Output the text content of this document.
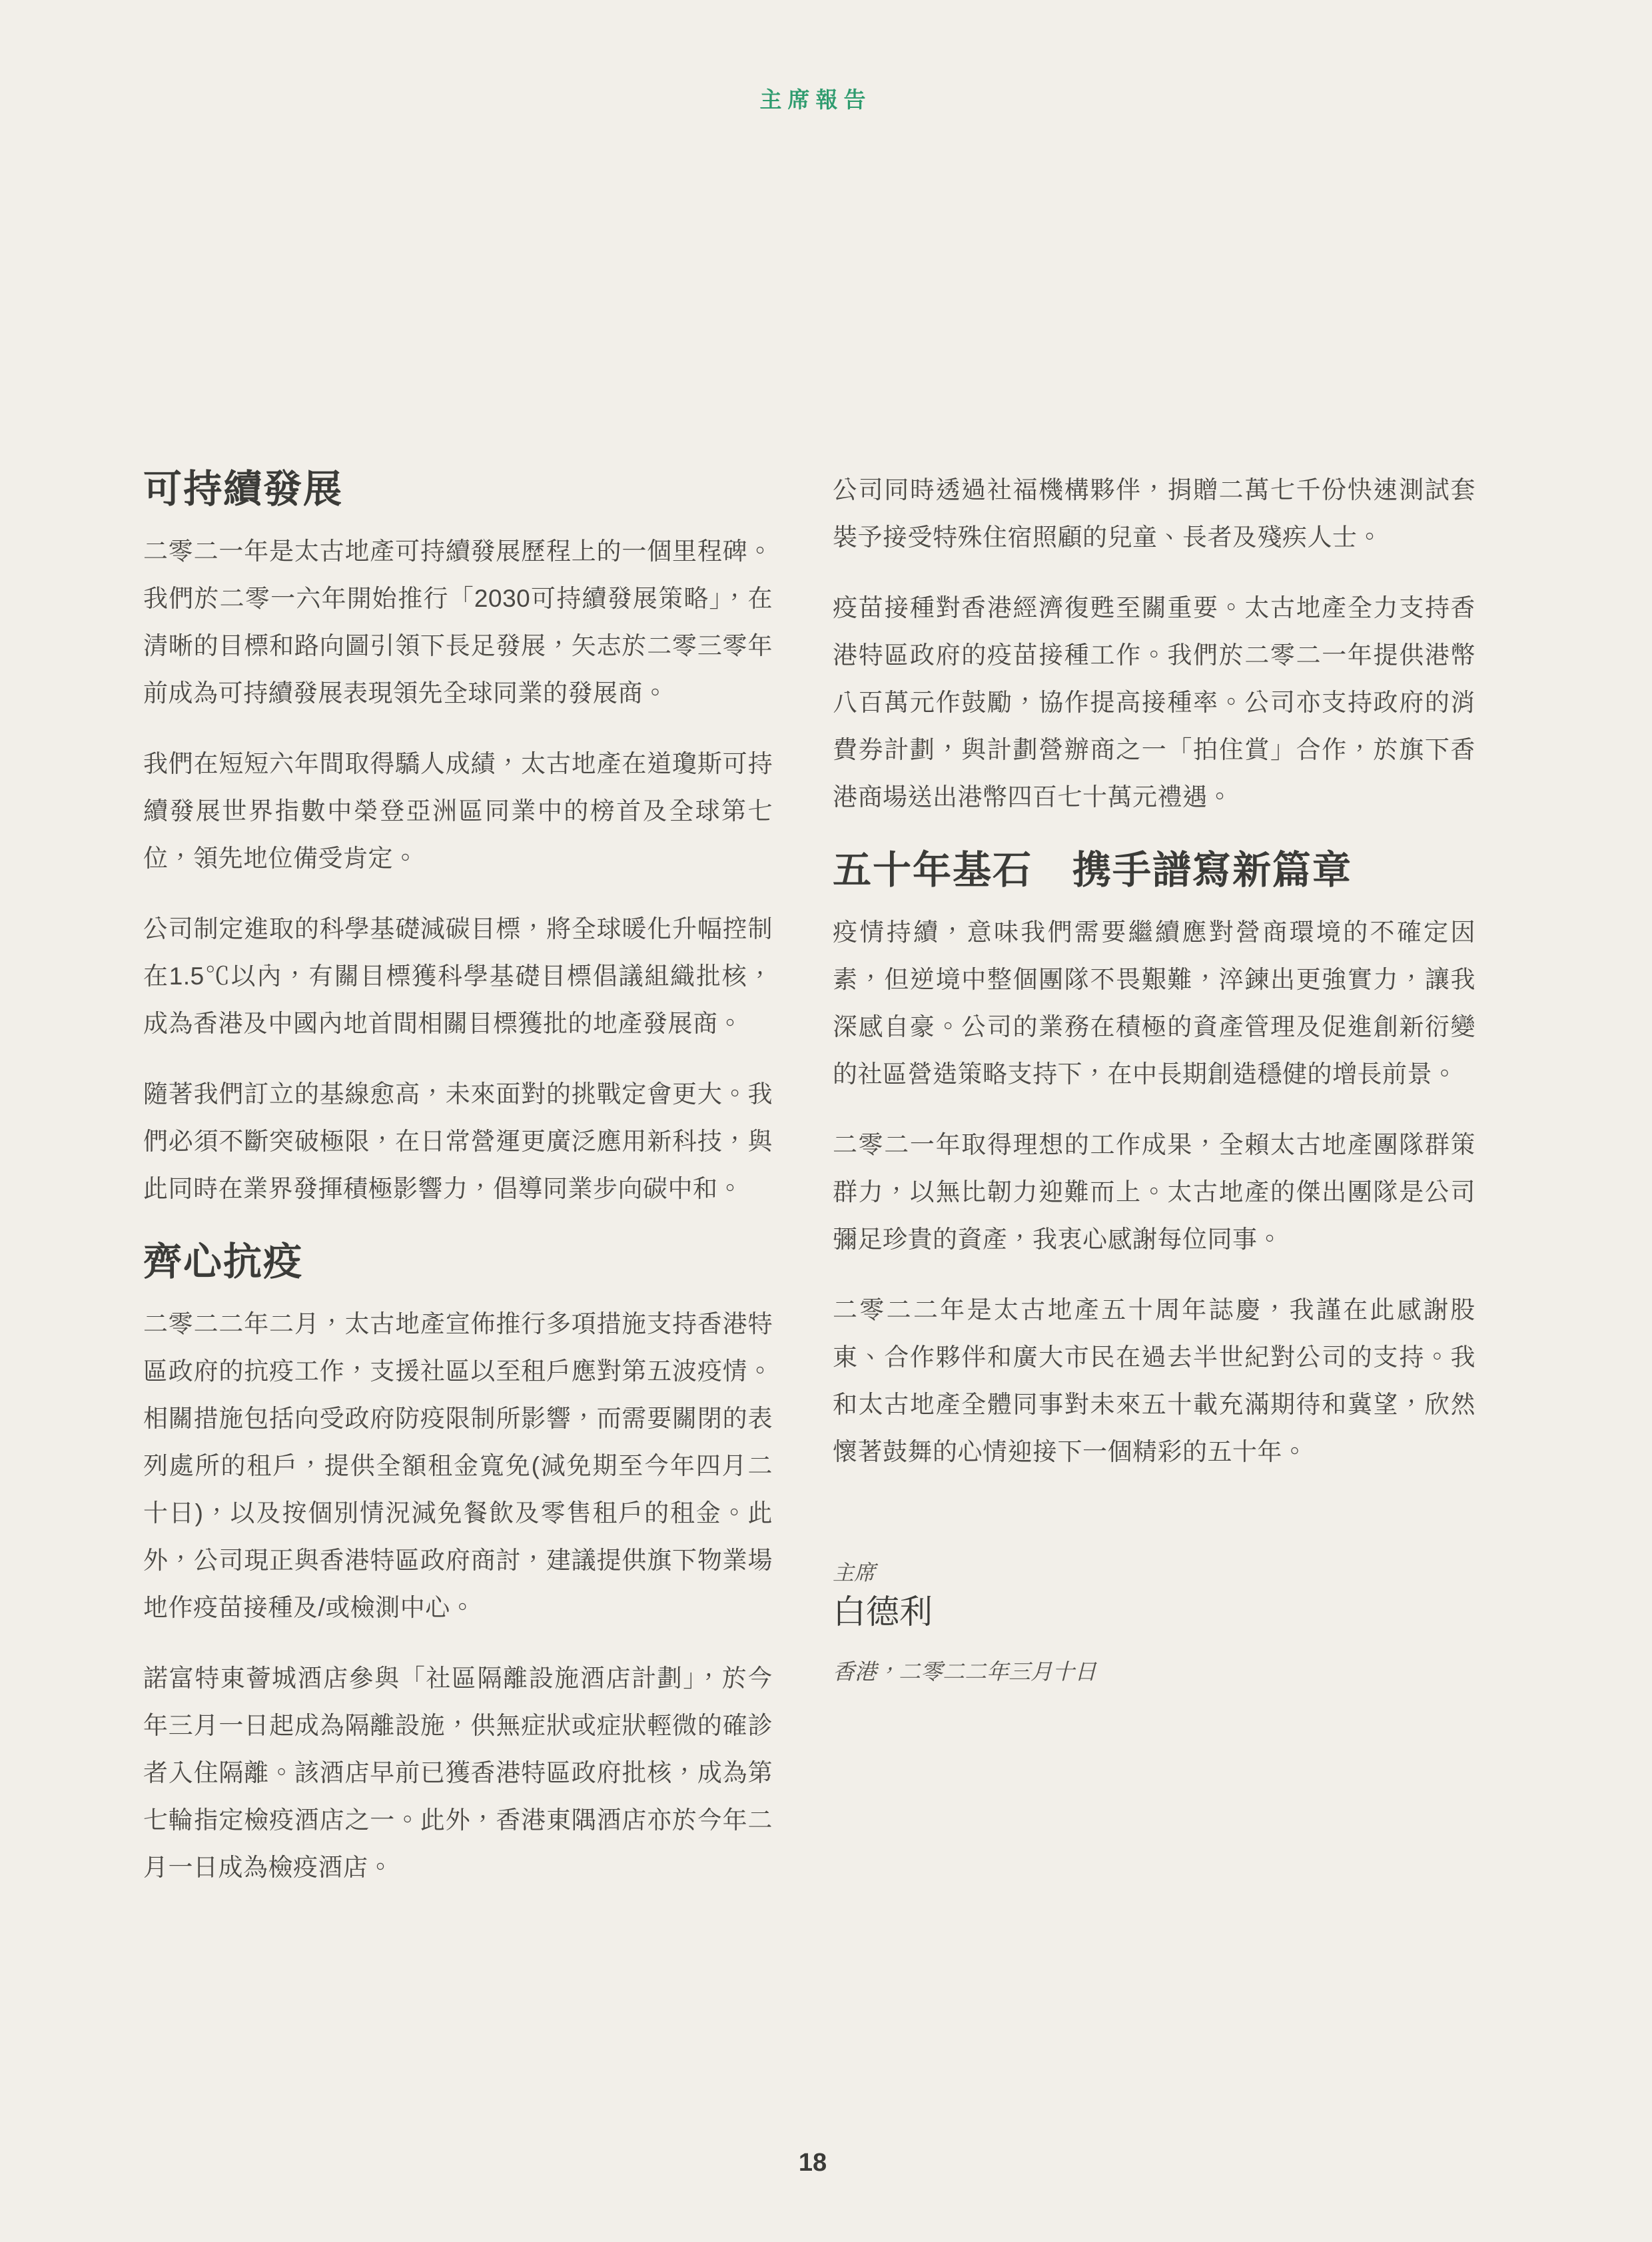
主席報告
可持續發展

二零二一年是太古地產可持續發展歷程上的一個里程碑。我們於二零一六年開始推行「2030可持續發展策略」，在清晰的目標和路向圖引領下長足發展，矢志於二零三零年前成為可持續發展表現領先全球同業的發展商。

我們在短短六年間取得驕人成績，太古地產在道瓊斯可持續發展世界指數中榮登亞洲區同業中的榜首及全球第七位，領先地位備受肯定。

公司制定進取的科學基礎減碳目標，將全球暖化升幅控制在1.5℃以內，有關目標獲科學基礎目標倡議組織批核，成為香港及中國內地首間相關目標獲批的地產發展商。

隨著我們訂立的基線愈高，未來面對的挑戰定會更大。我們必須不斷突破極限，在日常營運更廣泛應用新科技，與此同時在業界發揮積極影響力，倡導同業步向碳中和。

齊心抗疫

二零二二年二月，太古地產宣佈推行多項措施支持香港特區政府的抗疫工作，支援社區以至租戶應對第五波疫情。相關措施包括向受政府防疫限制所影響，而需要關閉的表列處所的租戶，提供全額租金寬免(減免期至今年四月二十日)，以及按個別情況減免餐飲及零售租戶的租金。此外，公司現正與香港特區政府商討，建議提供旗下物業場地作疫苗接種及/或檢測中心。

諾富特東薈城酒店參與「社區隔離設施酒店計劃」，於今年三月一日起成為隔離設施，供無症狀或症狀輕微的確診者入住隔離。該酒店早前已獲香港特區政府批核，成為第七輪指定檢疫酒店之一。此外，香港東隅酒店亦於今年二月一日成為檢疫酒店。

公司同時透過社福機構夥伴，捐贈二萬七千份快速測試套裝予接受特殊住宿照顧的兒童、長者及殘疾人士。

疫苗接種對香港經濟復甦至關重要。太古地產全力支持香港特區政府的疫苗接種工作。我們於二零二一年提供港幣八百萬元作鼓勵，協作提高接種率。公司亦支持政府的消費券計劃，與計劃營辦商之一「拍住賞」合作，於旗下香港商場送出港幣四百七十萬元禮遇。

五十年基石　携手譜寫新篇章

疫情持續，意味我們需要繼續應對營商環境的不確定因素，但逆境中整個團隊不畏艱難，淬鍊出更強實力，讓我深感自豪。公司的業務在積極的資產管理及促進創新衍變的社區營造策略支持下，在中長期創造穩健的增長前景。

二零二一年取得理想的工作成果，全賴太古地產團隊群策群力，以無比韌力迎難而上。太古地產的傑出團隊是公司彌足珍貴的資產，我衷心感謝每位同事。

二零二二年是太古地產五十周年誌慶，我謹在此感謝股東、合作夥伴和廣大市民在過去半世紀對公司的支持。我和太古地產全體同事對未來五十載充滿期待和冀望，欣然懷著鼓舞的心情迎接下一個精彩的五十年。

主席
白德利
香港，二零二二年三月十日
18
